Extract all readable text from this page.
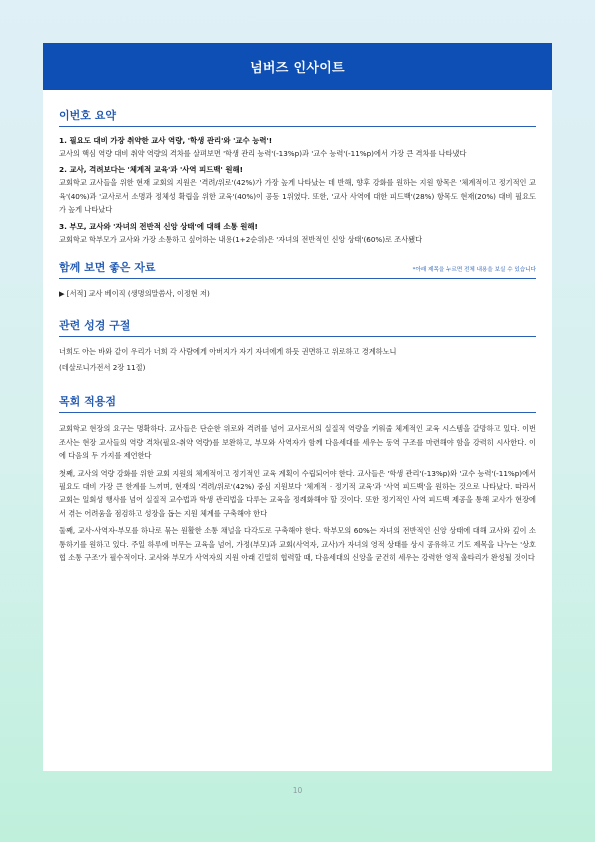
넘버즈 인사이트
이번호 요약
1. 필요도 대비 가장 취약한 교사 역량, '학생 관리'와 '교수 능력'!
교사의 핵심 역량 대비 취약 역량의 격차를 살펴보면 '학생 관리 능력'(-13%p)과 '교수 능력'(-11%p)에서 가장 큰 격차를 나타냈다
2. 교사, 격려보다는 '체계적 교육'과 '사역 피드백' 원해!
교회학교 교사들을 위한 현재 교회의 지원은 '격려/위로'(42%)가 가장 높게 나타났는 데 반해, 향후 강화를 원하는 지원 항목은 '체계적이고 정기적인 교육'(40%)과 '교사로서 소명과 정체성 확립을 위한 교육'(40%)이 공동 1위였다. 또한, '교사 사역에 대한 피드백'(28%) 항목도 현재(20%) 대비 필요도가 높게 나타났다
3. 부모, 교사와 '자녀의 전반적 신앙 상태'에 대해 소통 원해!
교회학교 학부모가 교사와 가장 소통하고 싶어하는 내용(1+2순위)은 '자녀의 전반적인 신앙 상태'(60%)로 조사됐다
함께 보면 좋은 자료	*아래 제목을 누르면 전체 내용을 보실 수 있습니다
▶ [서적] 교사 베이직 (생명의말씀사, 이정현 저)
관련 성경 구절
너희도 아는 바와 같이 우리가 너희 각 사람에게 아버지가 자기 자녀에게 하듯 권면하고 위로하고 경계하노니
(데살로니가전서 2장 11절)
목회 적용점
교회학교 현장의 요구는 명확하다. 교사들은 단순한 위로와 격려를 넘어 교사로서의 실질적 역량을 키워줄 체계적인 교육 시스템을 갈망하고 있다. 이번 조사는 현장 교사들의 역량 격차(필요-취약 역량)를 보완하고, 부모와 사역자가 함께 다음세대를 세우는 동역 구조를 마련해야 함을 강력히 시사한다. 이에 다음의 두 가지를 제언한다
첫째, 교사의 역량 강화를 위한 교회 지원의 체계적이고 정기적인 교육 계획이 수립되어야 한다. 교사들은 '학생 관리'(-13%p)와 '교수 능력'(-11%p)에서 필요도 대비 가장 큰 한계를 느끼며, 현재의 '격려/위로'(42%) 중심 지원보다 '체계적 · 정기적 교육'과 '사역 피드백'을 원하는 것으로 나타났다. 따라서 교회는 일회성 행사를 넘어 실질적 교수법과 학생 관리법을 다루는 교육을 정례화해야 할 것이다. 또한 정기적인 사역 피드백 제공을 통해 교사가 현장에서 겪는 어려움을 점검하고 성장을 돕는 지원 체계를 구축해야 한다
둘째, 교사-사역자-부모를 하나로 묶는 원활한 소통 채널을 다각도로 구축해야 한다. 학부모의 60%는 자녀의 전반적인 신앙 상태에 대해 교사와 깊이 소통하기를 원하고 있다. 주일 하루에 머무는 교육을 넘어, 가정(부모)과 교회(사역자, 교사)가 자녀의 영적 상태를 상시 공유하고 기도 제목을 나누는 '상호협 소통 구조'가 필수적이다. 교사와 부모가 사역자의 지원 아래 긴밀히 협력할 때, 다음세대의 신앙을 굳건히 세우는 강력한 영적 울타리가 완성될 것이다
10
